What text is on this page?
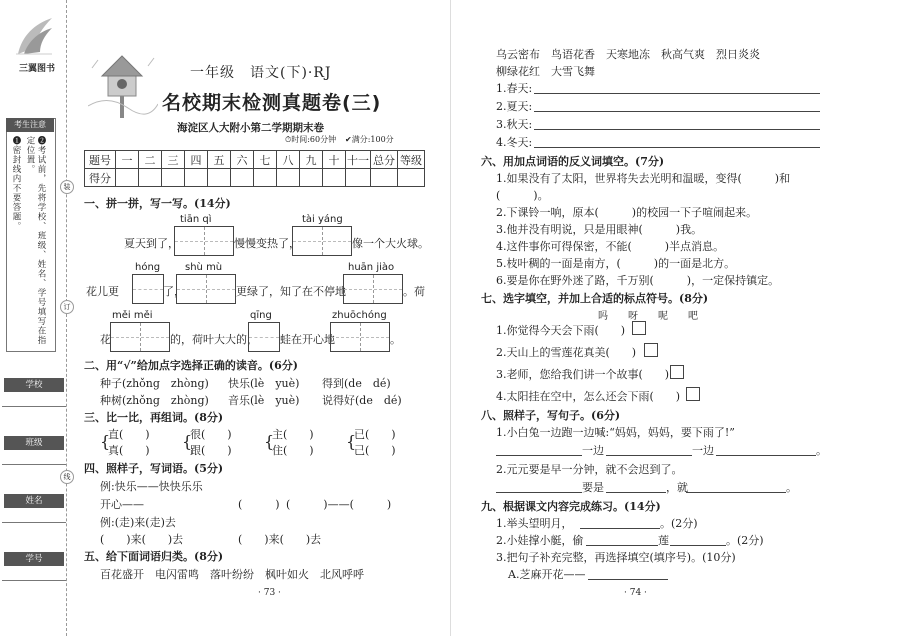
三翼图书
考生注意
❶密封线内不要答题。	❷考试前，先将学校、班级、姓名、学号填写在指定位置。
学校
班级
姓名
学号
装
订
线
一年级　语文(下)·RJ
名校期末检测真题卷(三)
海淀区人大附小第二学期期末卷
⏱时间:60分钟 ✔满分:100分
题号	一	二	三	四	五	六	七	八	九	十	十一	总分	等级
得分													
一、拼一拼，写一写。(14分)
tiān qì	tài yáng
夏天到了，	慢慢变热了，	像一个大火球。
hóng shù mù	huān jiào
花儿更	了，	更绿了，知了在不停地	。荷
měi měi	qīng	zhuōchóng
花	的，荷叶大大的， 蛙在开心地	。
二、用“√”给加点字选择正确的读音。(6分)
种子(zhǒng　zhòng) 快乐(lè　yuè) 得到(de　dé)
种树(zhǒng　zhòng) 音乐(lè　yuè) 说得好(de　dé)
三、比一比，再组词。(8分)
{
直(　　)
真(　　) {
很(　　)
跟(　　) {
主(　　)
住(　　) {
已(　　)
己(　　)
四、照样子，写词语。(5分)
例:快乐——快快乐乐
开心——	(　　　) (　　　)——(　　　)
例:(走)来(走)去
(　　)来(　　)去	(　　)来(　　)去
五、给下面词语归类。(8分)
百花盛开　电闪雷鸣　落叶纷纷　枫叶如火　北风呼呼
· 73 ·
乌云密布　鸟语花香　天寒地冻　秋高气爽　烈日炎炎
柳绿花红　大雪飞舞
1.春天:
2.夏天:
3.秋天:
4.冬天:
六、用加点词语的反义词填空。(7分)
1.如果没有了太阳，世界将失去光明和温暖，变得(　　　)和
(　　　)。
2.下课铃一响，原本(　　　)的校园一下子喧闹起来。
3.他并没有明说，只是用眼神(　　　)我。
4.这件事你可得保密，不能(　　　)半点消息。
5.枝叶稠的一面是南方，(　　　)的一面是北方。
6.要是你在野外迷了路，千万别(　　　)，一定保持镇定。
七、选字填空，并加上合适的标点符号。(8分)
吗　　呀　　呢　　吧
1.你觉得今天会下雨(　　)
2.天山上的雪莲花真美(　　)
3.老师，您给我们讲一个故事(　　)
4.太阳挂在空中，怎么还会下雨(　　)
八、照样子，写句子。(6分)
1.小白兔一边跑一边喊:“妈妈，妈妈，要下雨了!”
一边	一边	。
2.元元要是早一分钟，就不会迟到了。
要是	，就	。
九、根据课文内容完成练习。(14分)
1.举头望明月，	。(2分)
2.小娃撑小艇，偷	莲	。(2分)
3.把句子补充完整，再选择填空(填序号)。(10分)
A.芝麻开花——
· 74 ·
